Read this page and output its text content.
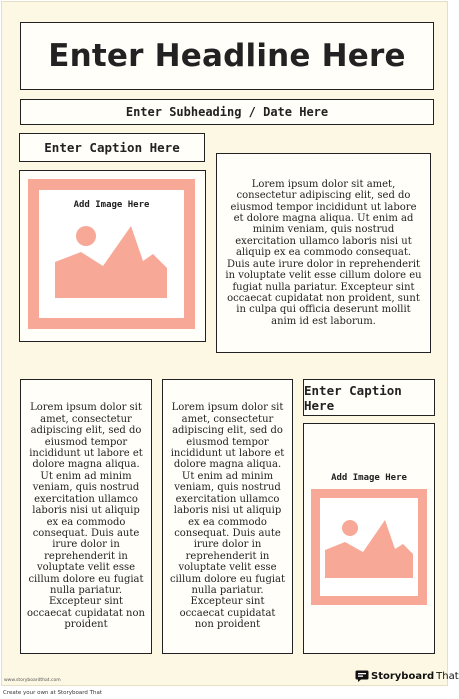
Enter Headline Here
Enter Subheading / Date Here
Enter Caption Here
Add Image Here
Lorem ipsum dolor sit amet, consectetur adipiscing elit, sed do eiusmod tempor incididunt ut labore et dolore magna aliqua. Ut enim ad minim veniam, quis nostrud exercitation ullamco laboris nisi ut aliquip ex ea commodo consequat. Duis aute irure dolor in reprehenderit in voluptate velit esse cillum dolore eu fugiat nulla pariatur. Excepteur sint occaecat cupidatat non proident, sunt in culpa qui officia deserunt mollit anim id est laborum.
Lorem ipsum dolor sit amet, consectetur adipiscing elit, sed do eiusmod tempor incididunt ut labore et dolore magna aliqua. Ut enim ad minim veniam, quis nostrud exercitation ullamco laboris nisi ut aliquip ex ea commodo consequat. Duis aute irure dolor in reprehenderit in voluptate velit esse cillum dolore eu fugiat nulla pariatur. Excepteur sint occaecat cupidatat non proident
Lorem ipsum dolor sit amet, consectetur adipiscing elit, sed do eiusmod tempor incididunt ut labore et dolore magna aliqua. Ut enim ad minim veniam, quis nostrud exercitation ullamco laboris nisi ut aliquip ex ea commodo consequat. Duis aute irure dolor in reprehenderit in voluptate velit esse cillum dolore eu fugiat nulla pariatur. Excepteur sint occaecat cupidatat non proident
Enter Caption Here
Add Image Here
www.storyboardthat.com
Create your own at Storyboard That
Storyboard That
